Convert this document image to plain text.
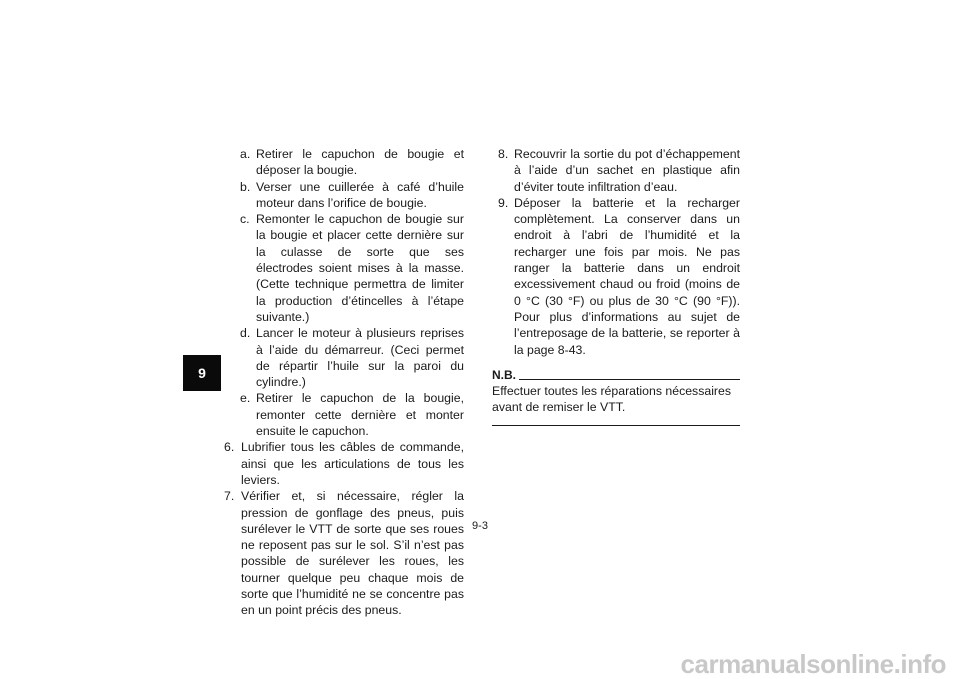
9
a. Retirer le capuchon de bougie et déposer la bougie.
b. Verser une cuillerée à café d’huile moteur dans l’orifice de bougie.
c. Remonter le capuchon de bougie sur la bougie et placer cette dernière sur la culasse de sorte que ses électrodes soient mises à la masse. (Cette technique permettra de limiter la production d’étincelles à l’étape suivante.)
d. Lancer le moteur à plusieurs reprises à l’aide du démarreur. (Ceci permet de répartir l’huile sur la paroi du cylindre.)
e. Retirer le capuchon de la bougie, remonter cette dernière et monter ensuite le capuchon.
6. Lubrifier tous les câbles de commande, ainsi que les articulations de tous les leviers.
7. Vérifier et, si nécessaire, régler la pression de gonflage des pneus, puis surélever le VTT de sorte que ses roues ne reposent pas sur le sol. S’il n’est pas possible de surélever les roues, les tourner quelque peu chaque mois de sorte que l’humidité ne se concentre pas en un point précis des pneus.
8. Recouvrir la sortie du pot d’échappement à l’aide d’un sachet en plastique afin d’éviter toute infiltration d’eau.
9. Déposer la batterie et la recharger complètement. La conserver dans un endroit à l’abri de l’humidité et la recharger une fois par mois. Ne pas ranger la batterie dans un endroit excessivement chaud ou froid (moins de 0 °C (30 °F) ou plus de 30 °C (90 °F)). Pour plus d’informations au sujet de l’entreposage de la batterie, se reporter à la page 8-43.
N.B.
Effectuer toutes les réparations nécessaires avant de remiser le VTT.
9-3
carmanualsonline.info
